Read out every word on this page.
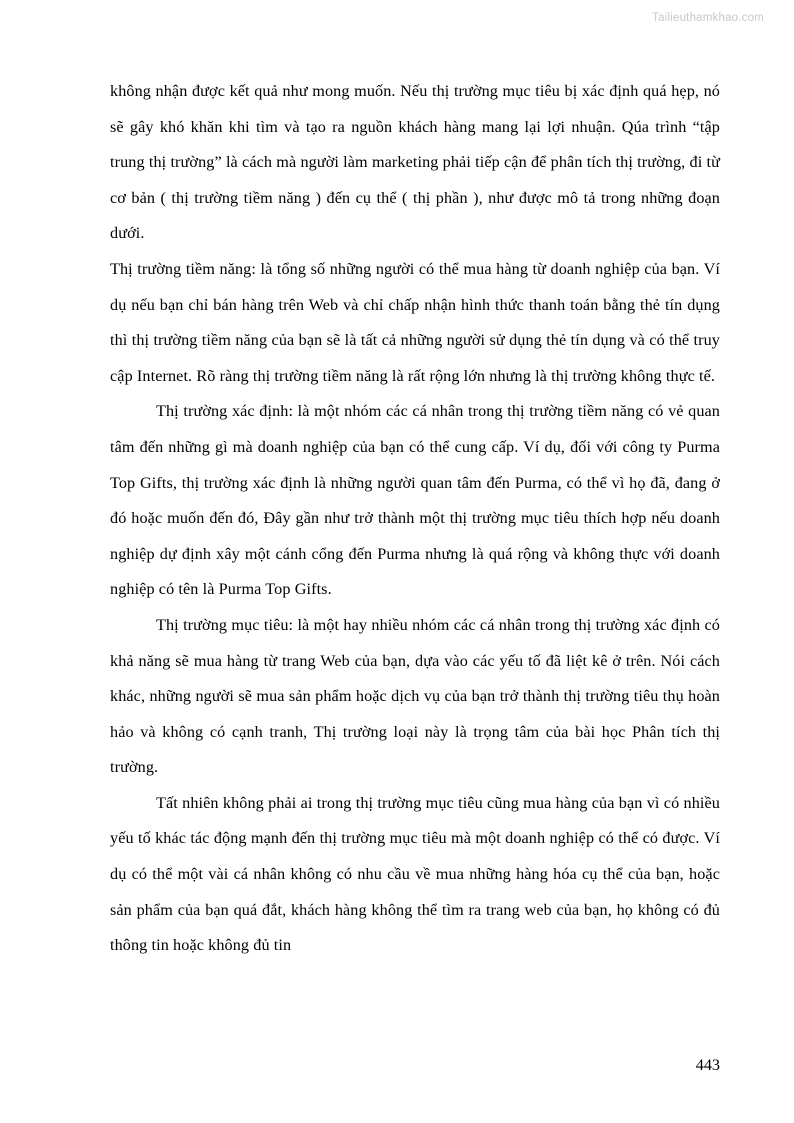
Tailieuthamkhao.com

không nhận được kết quả như mong muốn. Nếu thị trường mục tiêu bị xác định quá hẹp, nó sẽ gây khó khăn khi tìm và tạo ra nguồn khách hàng mang lại lợi nhuận. Qúa trình “tập trung thị trường” là cách mà người làm marketing phải tiếp cận để phân tích thị trường, đi từ cơ bản ( thị trường tiềm năng ) đến cụ thể ( thị phần ), như được mô tả trong những đoạn dưới.

Thị trường tiềm năng: là tổng số những người có thể mua hàng từ doanh nghiệp của bạn. Ví dụ nếu bạn chỉ bán hàng trên Web và chỉ chấp nhận hình thức thanh toán bằng thẻ tín dụng thì thị trường tiềm năng của bạn sẽ là tất cả những người sử dụng thẻ tín dụng và có thể truy cập Internet. Rõ ràng thị trường tiềm năng là rất rộng lớn nhưng là thị trường không thực tế.

Thị trường xác định: là một nhóm các cá nhân trong thị trường tiềm năng có vẻ quan tâm đến những gì mà doanh nghiệp của bạn có thể cung cấp. Ví dụ, đối với công ty Purma Top Gifts, thị trường xác định là những người quan tâm đến Purma, có thể vì họ đã, đang ở đó hoặc muốn đến đó, Đây gần như trở thành một thị trường mục tiêu thích hợp nếu doanh nghiệp dự định xây một cánh cổng đến Purma nhưng là quá rộng và không thực với doanh nghiệp có tên là Purma Top Gifts.

Thị trường mục tiêu: là một hay nhiều nhóm các cá nhân trong thị trường xác định có khả năng sẽ mua hàng từ trang Web của bạn, dựa vào các yếu tố đã liệt kê ở trên. Nói cách khác, những người sẽ mua sản phẩm hoặc dịch vụ của bạn trở thành thị trường tiêu thụ hoàn hảo và không có cạnh tranh, Thị trường loại này là trọng tâm của bài học Phân tích thị trường.

Tất nhiên không phải ai trong thị trường mục tiêu cũng mua hàng của bạn vì có nhiều yếu tố khác tác động mạnh đến thị trường mục tiêu mà một doanh nghiệp có thể có được. Ví dụ có thể một vài cá nhân không có nhu cầu về mua những hàng hóa cụ thể của bạn, hoặc sản phẩm của bạn quá đắt, khách hàng không thể tìm ra trang web của bạn, họ không có đủ thông tin hoặc không đủ tin

443
